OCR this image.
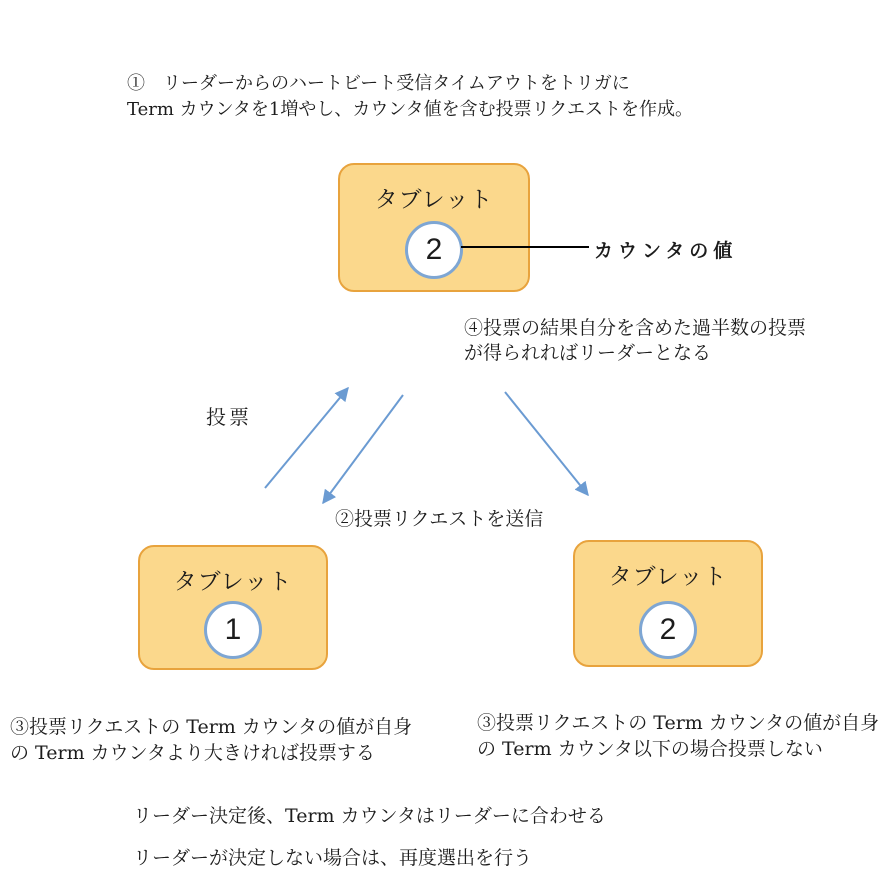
①　リーダーからのハートビート受信タイムアウトをトリガに
Term カウンタを1増やし、カウンタ値を含む投票リクエストを作成。
タブレット
2	カウンタの値
④投票の結果自分を含めた過半数の投票
が得られればリーダーとなる
投票
②投票リクエストを送信
タブレット
1
タブレット
2
③投票リクエストの Term カウンタの値が自身
の Term カウンタより大きければ投票する
③投票リクエストの Term カウンタの値が自身
の Term カウンタ以下の場合投票しない
リーダー決定後、Term カウンタはリーダーに合わせる
リーダーが決定しない場合は、再度選出を行う
